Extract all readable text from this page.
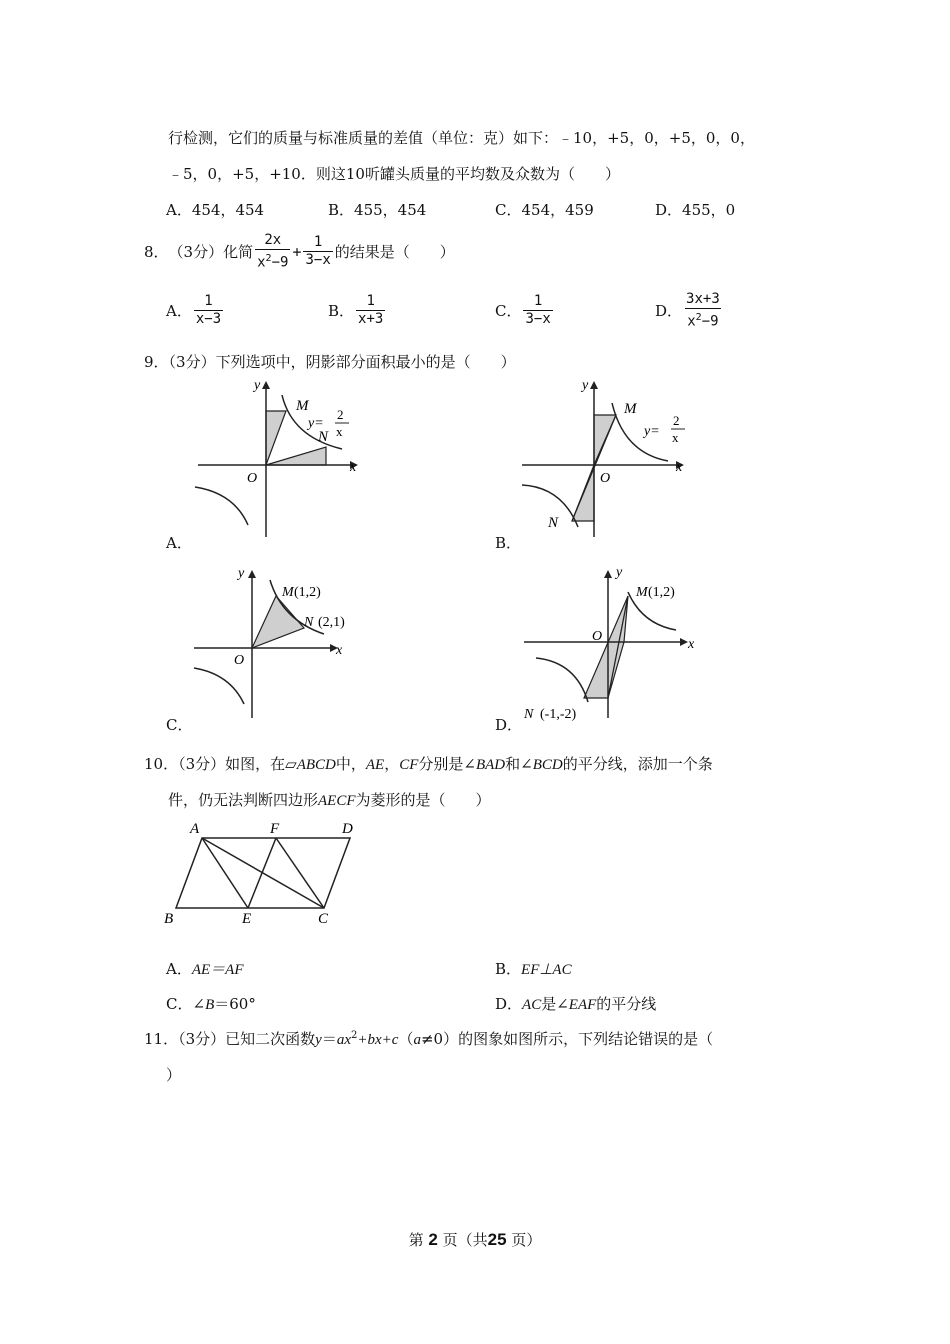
行检测，它们的质量与标准质量的差值（单位：克）如下：﹣10，+5，0，+5，0，0，
﹣5，0，+5，+10．则这10听罐头质量的平均数及众数为（　　）
A．454，454	B．455，454	C．454，459	D．455，0
8． （3分） 化简 $\frac{2x}{x^2-9} + \frac{1}{3-x}$ 的结果是（　　）
A． $\frac{1}{x-3}$	B． $\frac{1}{x+3}$	C． $\frac{1}{3-x}$	D． $\frac{3x+3}{x^2-9}$
9．（3分）下列选项中，阴影部分面积最小的是（　　）
y
x
O
M
N
y=
2
x
A．
y
x
O
M
N
y=
2
x
B．
y
x
O
M (1,2)
N (2,1)
C．
y
x
O
M (1,2)
N (-1,-2)
D．
10．（3分）如图，在▱ABCD中，AE，CF分别是∠BAD和∠BCD的平分线，添加一个条
件，仍无法判断四边形AECF为菱形的是（　　）
A	F	D
B	E	C
A．AE＝AF	B．EF⊥AC
C．∠B＝60°	D．AC是∠EAF的平分线
11．（3分）已知二次函数$y=ax^2+bx+c(a\ne 0)$的图象如图所示，下列结论错误的是（
）
第 2 页（共25 页）
